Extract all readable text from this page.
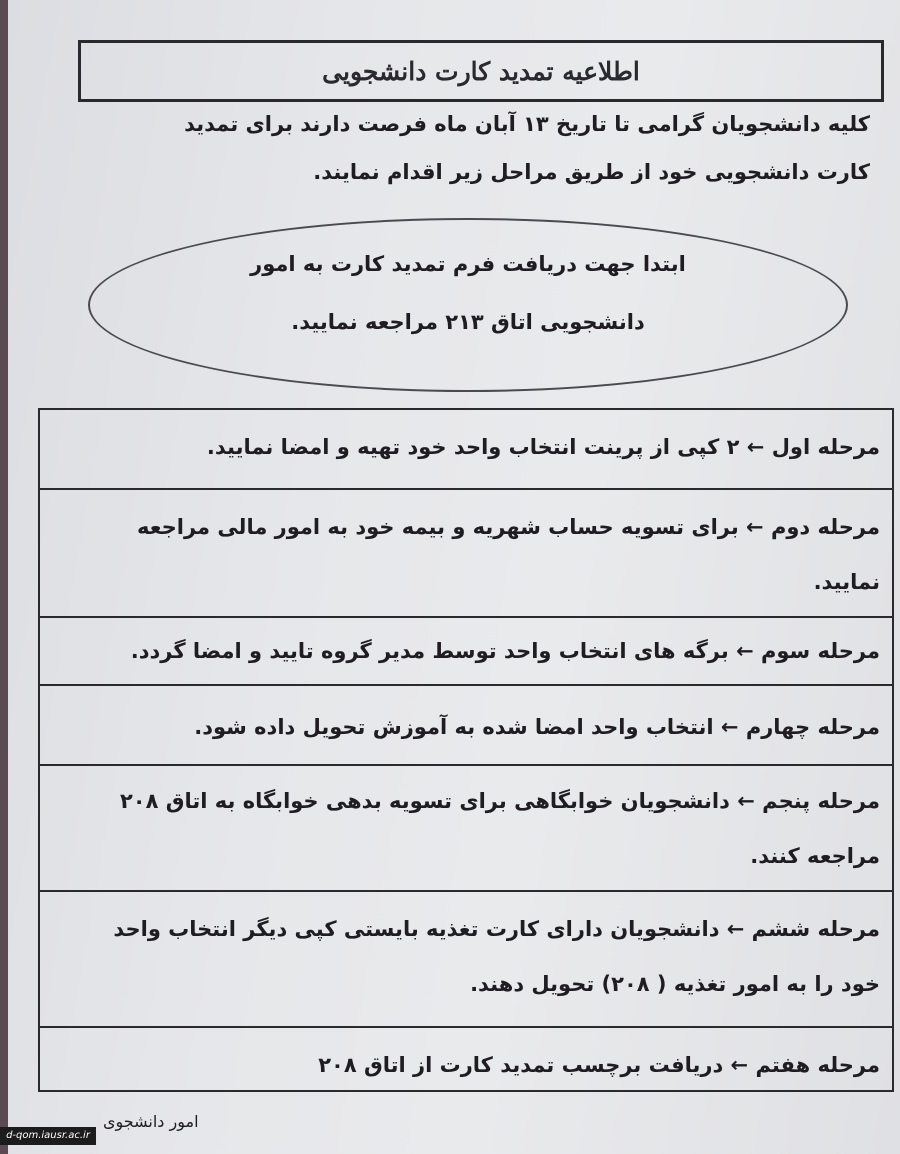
اطلاعیه تمدید کارت دانشجویی
کلیه دانشجویان گرامی تا تاریخ ۱۳ آبان ماه فرصت دارند برای تمدید
کارت دانشجویی خود از طریق مراحل زیر اقدام نمایند.
ابتدا جهت دریافت فرم تمدید کارت به امور
دانشجویی اتاق ۲۱۳ مراجعه نمایید.
مرحله اول ← ۲ کپی از پرینت انتخاب واحد خود تهیه و امضا نمایید.
مرحله دوم ← برای تسویه حساب شهریه و بیمه خود به امور مالی مراجعه
نمایید.
مرحله سوم ← برگه های انتخاب واحد توسط مدیر گروه تایید و امضا گردد.
مرحله چهارم ← انتخاب واحد امضا شده به آموزش تحویل داده شود.
مرحله پنجم ← دانشجویان خوابگاهی برای تسویه بدهی خوابگاه به اتاق ۲۰۸
مراجعه کنند.
مرحله ششم ← دانشجویان دارای کارت تغذیه بایستی کپی دیگر انتخاب واحد
خود را به امور تغذیه ( ۲۰۸) تحویل دهند.
مرحله هفتم ← دریافت برچسب تمدید کارت از اتاق ۲۰۸
امور دانشجوی
d-qom.iausr.ac.ir
